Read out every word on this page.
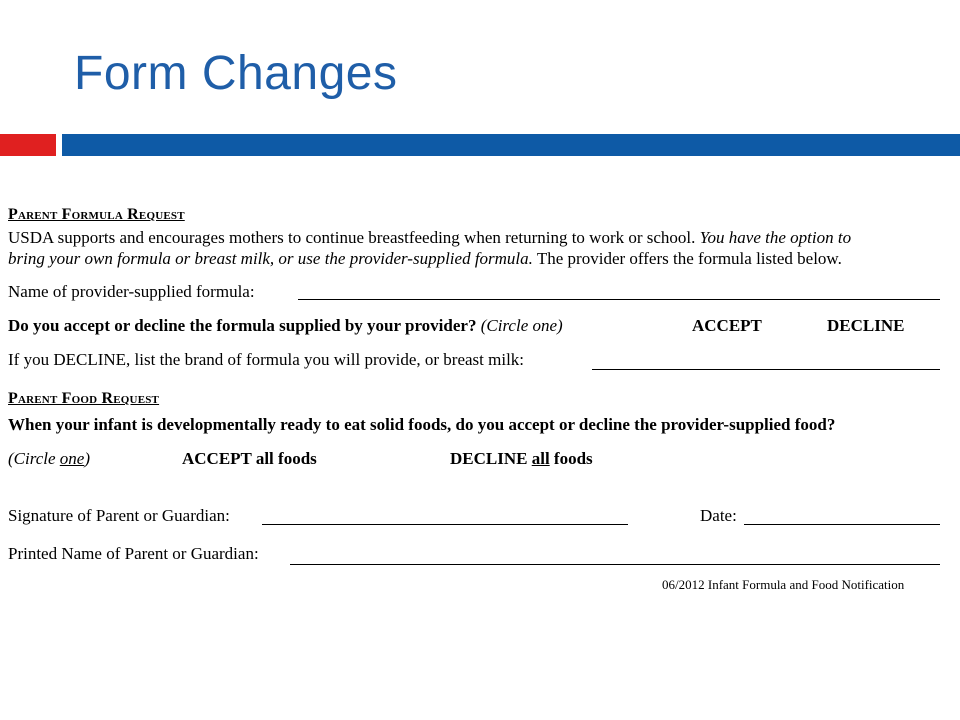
Form Changes
Parent Formula Request
USDA supports and encourages mothers to continue breastfeeding when returning to work or school. You have the option to
bring your own formula or breast milk, or use the provider-supplied formula. The provider offers the formula listed below.
Name of provider-supplied formula:
Do you accept or decline the formula supplied by your provider? (Circle one)	ACCEPT	DECLINE
If you DECLINE, list the brand of formula you will provide, or breast milk:
Parent Food Request
When your infant is developmentally ready to eat solid foods, do you accept or decline the provider-supplied food?
(Circle one)	ACCEPT all foods	DECLINE all foods
Signature of Parent or Guardian:	Date:
Printed Name of Parent or Guardian:
06/2012 Infant Formula and Food Notification
